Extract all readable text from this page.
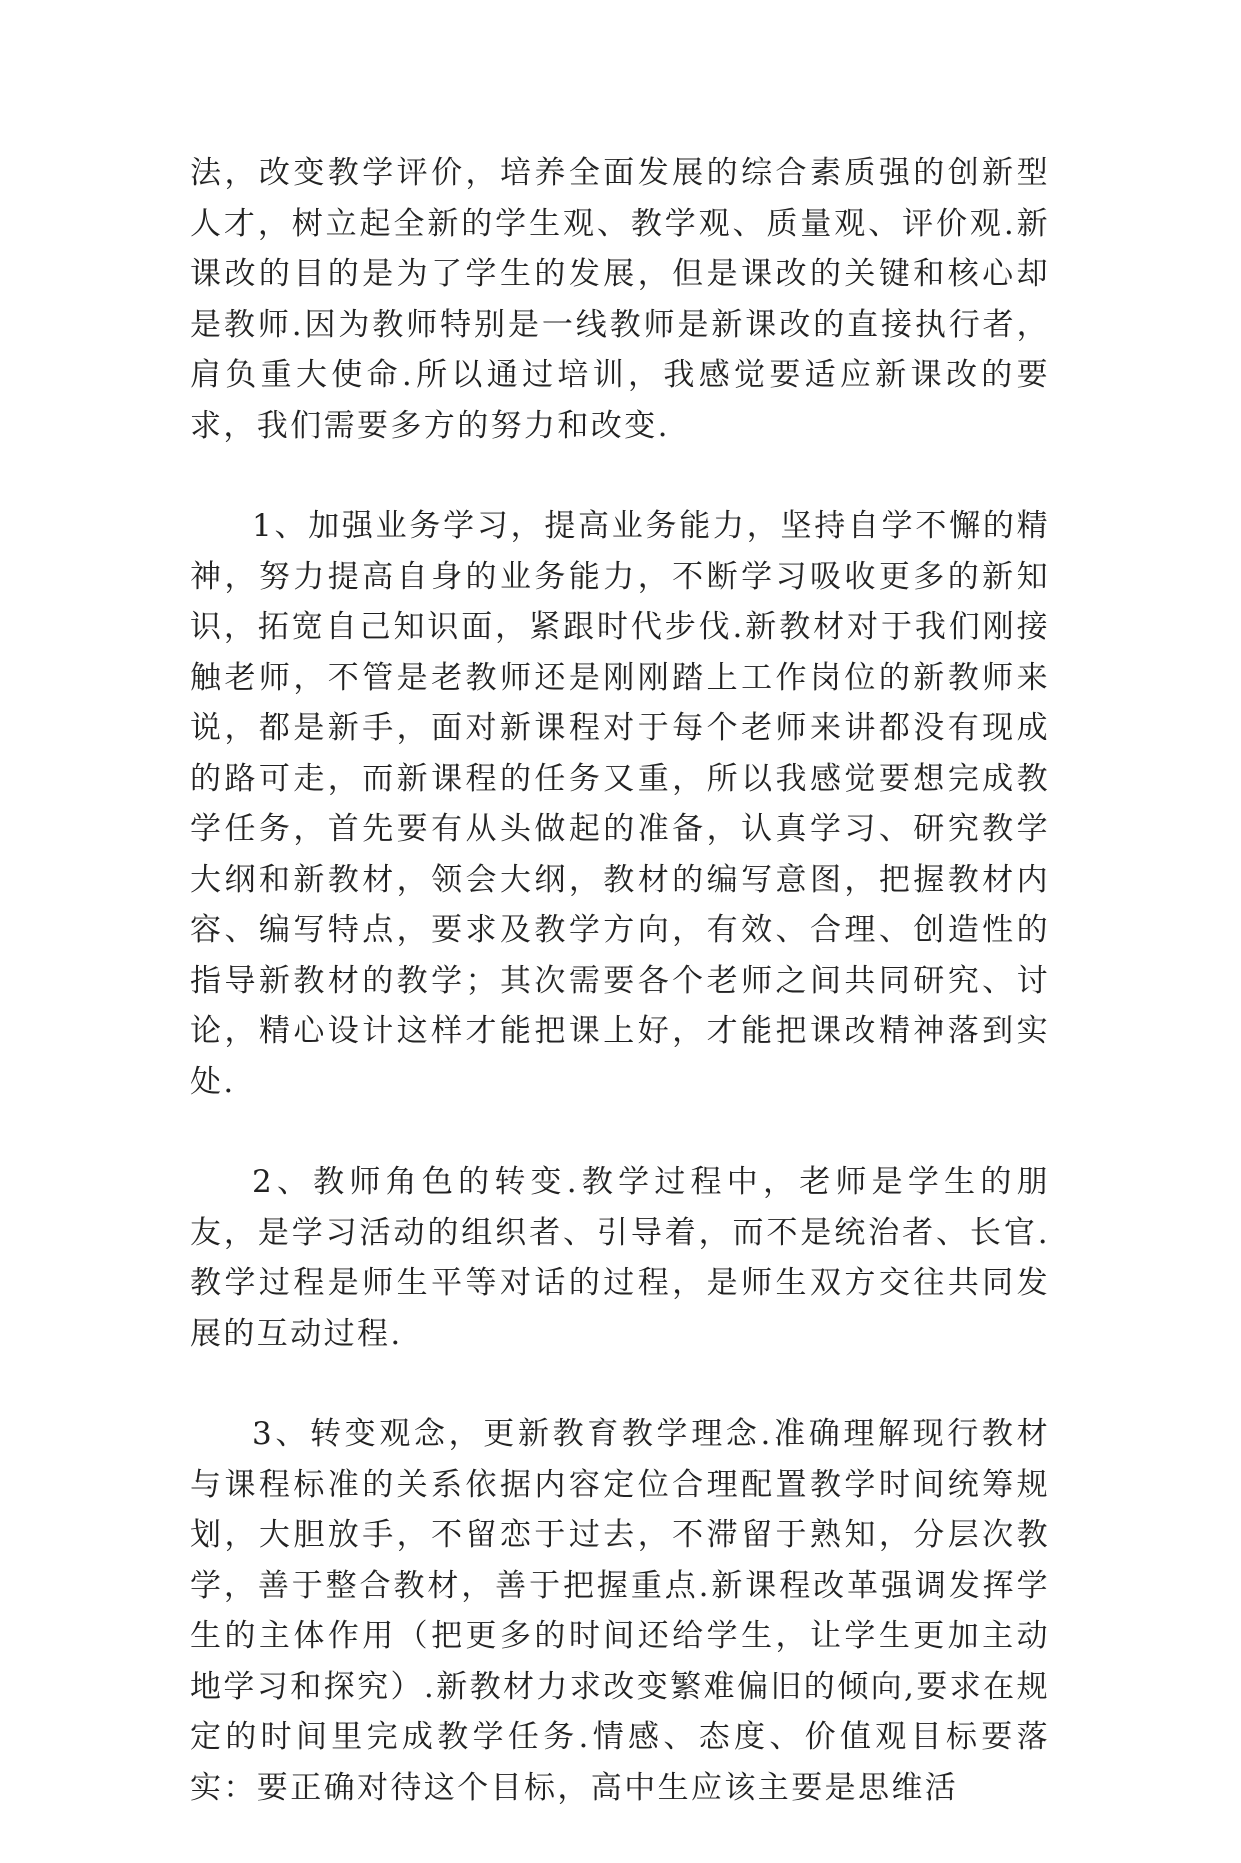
法，改变教学评价，培养全面发展的综合素质强的创新型人才，树立起全新的学生观、教学观、质量观、评价观.新课改的目的是为了学生的发展，但是课改的关键和核心却是教师.因为教师特别是一线教师是新课改的直接执行者，肩负重大使命.所以通过培训，我感觉要适应新课改的要求，我们需要多方的努力和改变.

1、加强业务学习，提高业务能力，坚持自学不懈的精神，努力提高自身的业务能力，不断学习吸收更多的新知识，拓宽自己知识面，紧跟时代步伐.新教材对于我们刚接触老师，不管是老教师还是刚刚踏上工作岗位的新教师来说，都是新手，面对新课程对于每个老师来讲都没有现成的路可走，而新课程的任务又重，所以我感觉要想完成教学任务，首先要有从头做起的准备，认真学习、研究教学大纲和新教材，领会大纲，教材的编写意图，把握教材内容、编写特点，要求及教学方向，有效、合理、创造性的指导新教材的教学；其次需要各个老师之间共同研究、讨论，精心设计这样才能把课上好，才能把课改精神落到实处.

2、教师角色的转变.教学过程中，老师是学生的朋友，是学习活动的组织者、引导着，而不是统治者、长官.教学过程是师生平等对话的过程，是师生双方交往共同发展的互动过程.

3、转变观念，更新教育教学理念.准确理解现行教材与课程标准的关系依据内容定位合理配置教学时间统筹规划，大胆放手，不留恋于过去，不滞留于熟知，分层次教学，善于整合教材，善于把握重点.新课程改革强调发挥学生的主体作用（把更多的时间还给学生，让学生更加主动地学习和探究）.新教材力求改变繁难偏旧的倾向,要求在规定的时间里完成教学任务.情感、态度、价值观目标要落实：要正确对待这个目标，高中生应该主要是思维活
